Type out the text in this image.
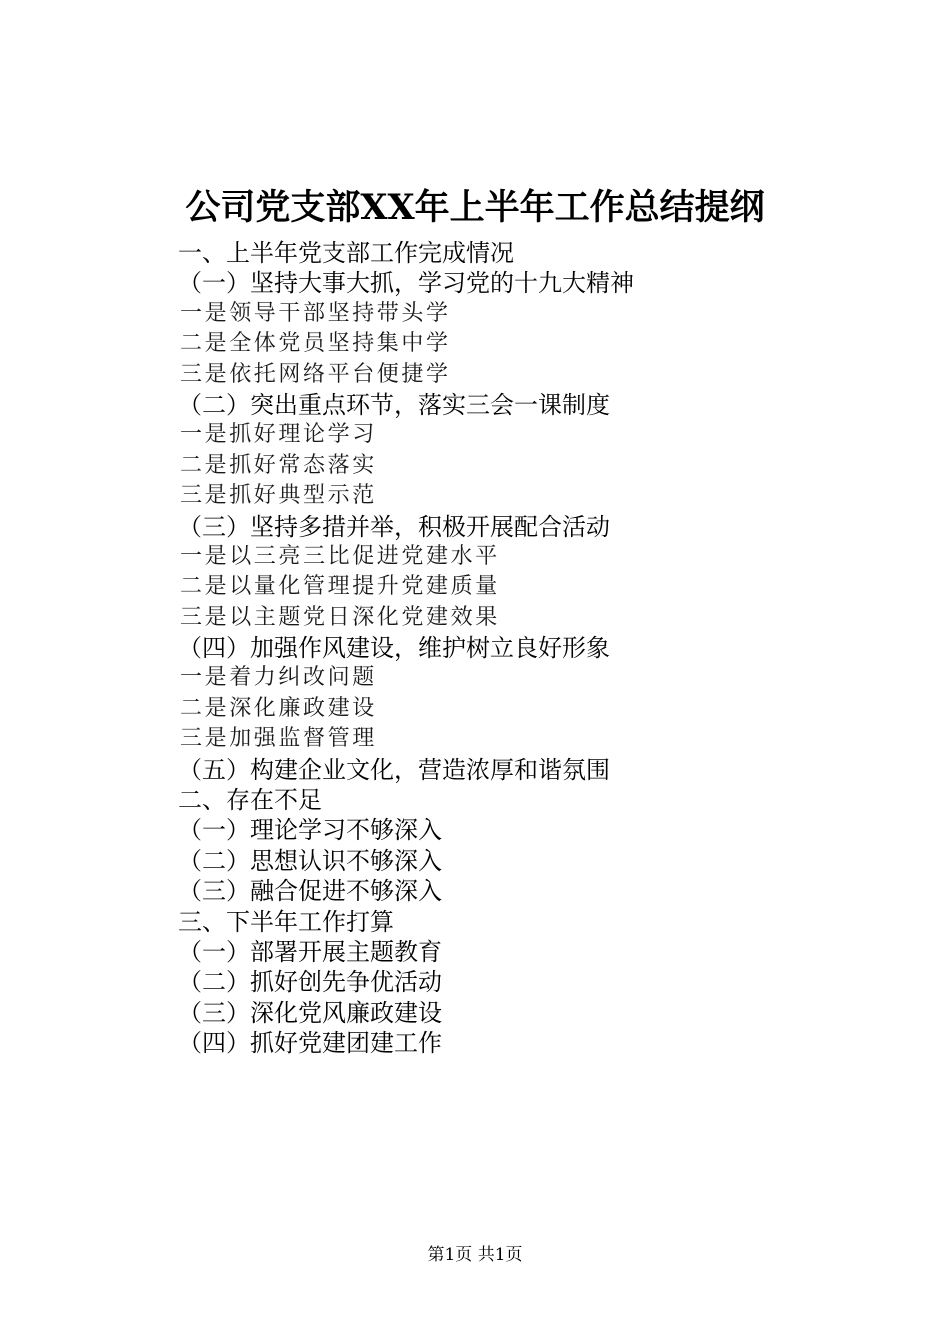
公司党支部XX年上半年工作总结提纲
一、上半年党支部工作完成情况
（一）坚持大事大抓，学习党的十九大精神
一是领导干部坚持带头学
二是全体党员坚持集中学
三是依托网络平台便捷学
（二）突出重点环节，落实三会一课制度
一是抓好理论学习
二是抓好常态落实
三是抓好典型示范
（三）坚持多措并举，积极开展配合活动
一是以三亮三比促进党建水平
二是以量化管理提升党建质量
三是以主题党日深化党建效果
（四）加强作风建设，维护树立良好形象
一是着力纠改问题
二是深化廉政建设
三是加强监督管理
（五）构建企业文化，营造浓厚和谐氛围
二、存在不足
（一）理论学习不够深入
（二）思想认识不够深入
（三）融合促进不够深入
三、下半年工作打算
（一）部署开展主题教育
（二）抓好创先争优活动
（三）深化党风廉政建设
（四）抓好党建团建工作
第1页 共1页
